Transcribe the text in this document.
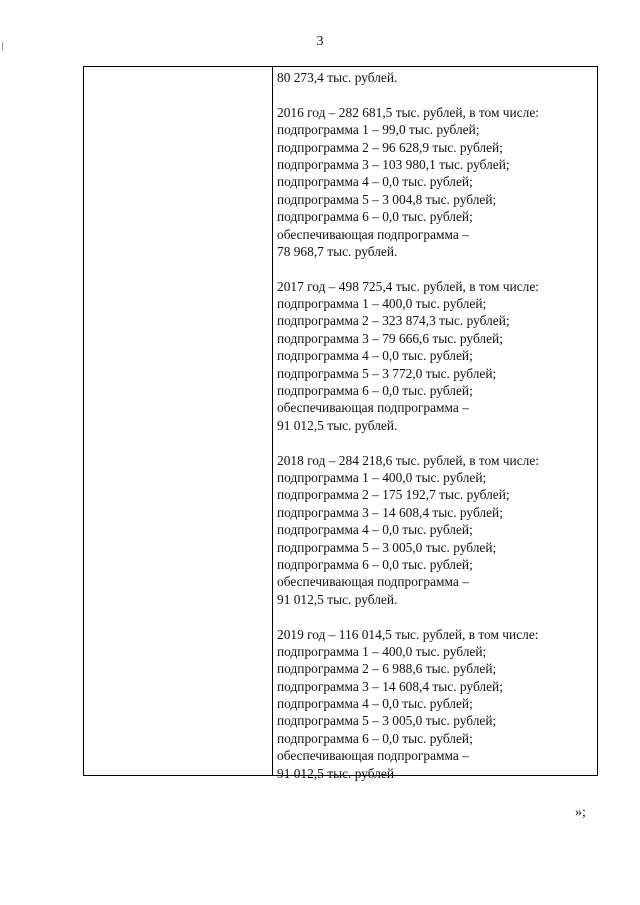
3
80 273,4 тыс. рублей.
2016 год – 282 681,5 тыс. рублей, в том числе:
подпрограмма 1 – 99,0 тыс. рублей;
подпрограмма 2 – 96 628,9 тыс. рублей;
подпрограмма 3 – 103 980,1 тыс. рублей;
подпрограмма 4 – 0,0 тыс. рублей;
подпрограмма 5 – 3 004,8 тыс. рублей;
подпрограмма 6 – 0,0 тыс. рублей;
обеспечивающая подпрограмма –
78 968,7 тыс. рублей.
2017 год – 498 725,4 тыс. рублей, в том числе:
подпрограмма 1 – 400,0 тыс. рублей;
подпрограмма 2 – 323 874,3 тыс. рублей;
подпрограмма 3 – 79 666,6 тыс. рублей;
подпрограмма 4 – 0,0 тыс. рублей;
подпрограмма 5 – 3 772,0 тыс. рублей;
подпрограмма 6 – 0,0 тыс. рублей;
обеспечивающая подпрограмма –
91 012,5 тыс. рублей.
2018 год – 284 218,6 тыс. рублей, в том числе:
подпрограмма 1 – 400,0 тыс. рублей;
подпрограмма 2 – 175 192,7 тыс. рублей;
подпрограмма 3 – 14 608,4 тыс. рублей;
подпрограмма 4 – 0,0 тыс. рублей;
подпрограмма 5 – 3 005,0 тыс. рублей;
подпрограмма 6 – 0,0 тыс. рублей;
обеспечивающая подпрограмма –
91 012,5 тыс. рублей.
2019 год – 116 014,5 тыс. рублей, в том числе:
подпрограмма 1 – 400,0 тыс. рублей;
подпрограмма 2 – 6 988,6 тыс. рублей;
подпрограмма 3 – 14 608,4 тыс. рублей;
подпрограмма 4 – 0,0 тыс. рублей;
подпрограмма 5 – 3 005,0 тыс. рублей;
подпрограмма 6 – 0,0 тыс. рублей;
обеспечивающая подпрограмма –
91 012,5 тыс. рублей
»;
